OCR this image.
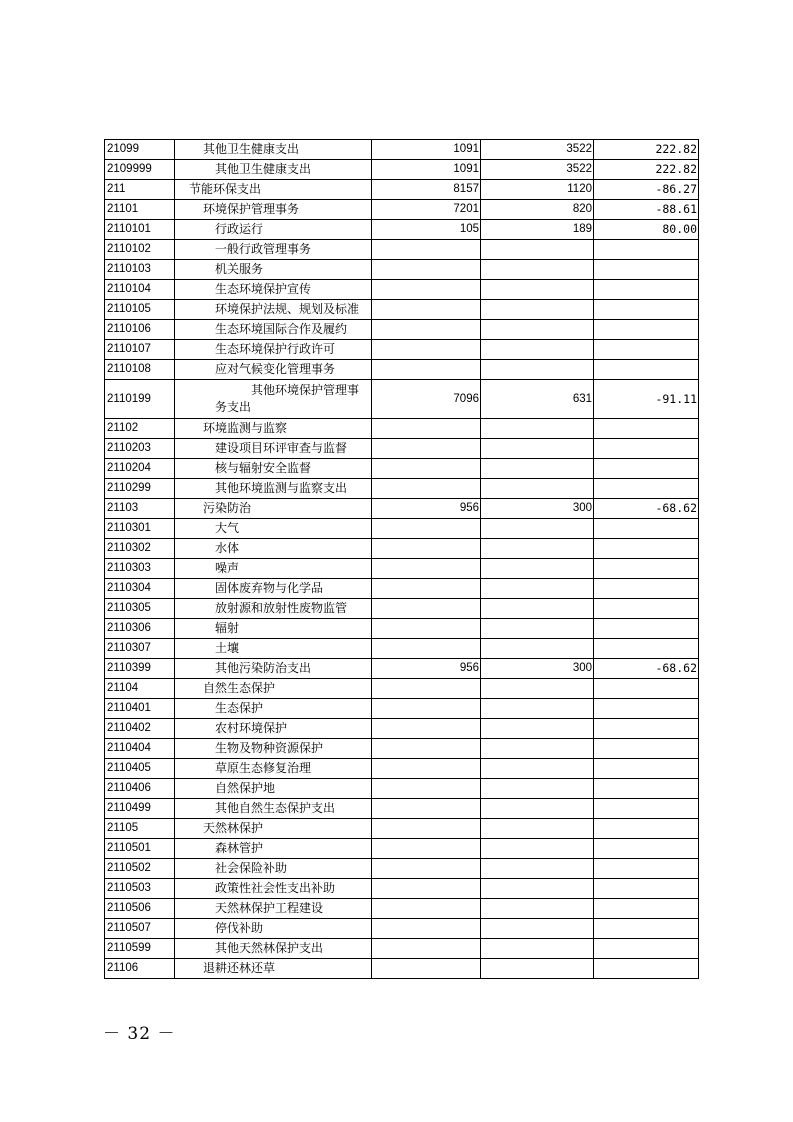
21099	其他卫生健康支出	1091	3522	222.82
2109999	其他卫生健康支出	1091	3522	222.82
211	节能环保支出	8157	1120	-86.27
21101	环境保护管理事务	7201	820	-88.61
2110101	行政运行	105	189	80.00
2110102	一般行政管理事务			
2110103	机关服务			
2110104	生态环境保护宣传			
2110105	环境保护法规、规划及标准			
2110106	生态环境国际合作及履约			
2110107	生态环境保护行政许可			
2110108	应对气候变化管理事务			
2110199	其他环境保护管理事务支出	7096	631	-91.11
21102	环境监测与监察			
2110203	建设项目环评审查与监督			
2110204	核与辐射安全监督			
2110299	其他环境监测与监察支出			
21103	污染防治	956	300	-68.62
2110301	大气			
2110302	水体			
2110303	噪声			
2110304	固体废弃物与化学品			
2110305	放射源和放射性废物监管			
2110306	辐射			
2110307	土壤			
2110399	其他污染防治支出	956	300	-68.62
21104	自然生态保护			
2110401	生态保护			
2110402	农村环境保护			
2110404	生物及物种资源保护			
2110405	草原生态修复治理			
2110406	自然保护地			
2110499	其他自然生态保护支出			
21105	天然林保护			
2110501	森林管护			
2110502	社会保险补助			
2110503	政策性社会性支出补助			
2110506	天然林保护工程建设			
2110507	停伐补助			
2110599	其他天然林保护支出			
21106	退耕还林还草			
－ 32 －
